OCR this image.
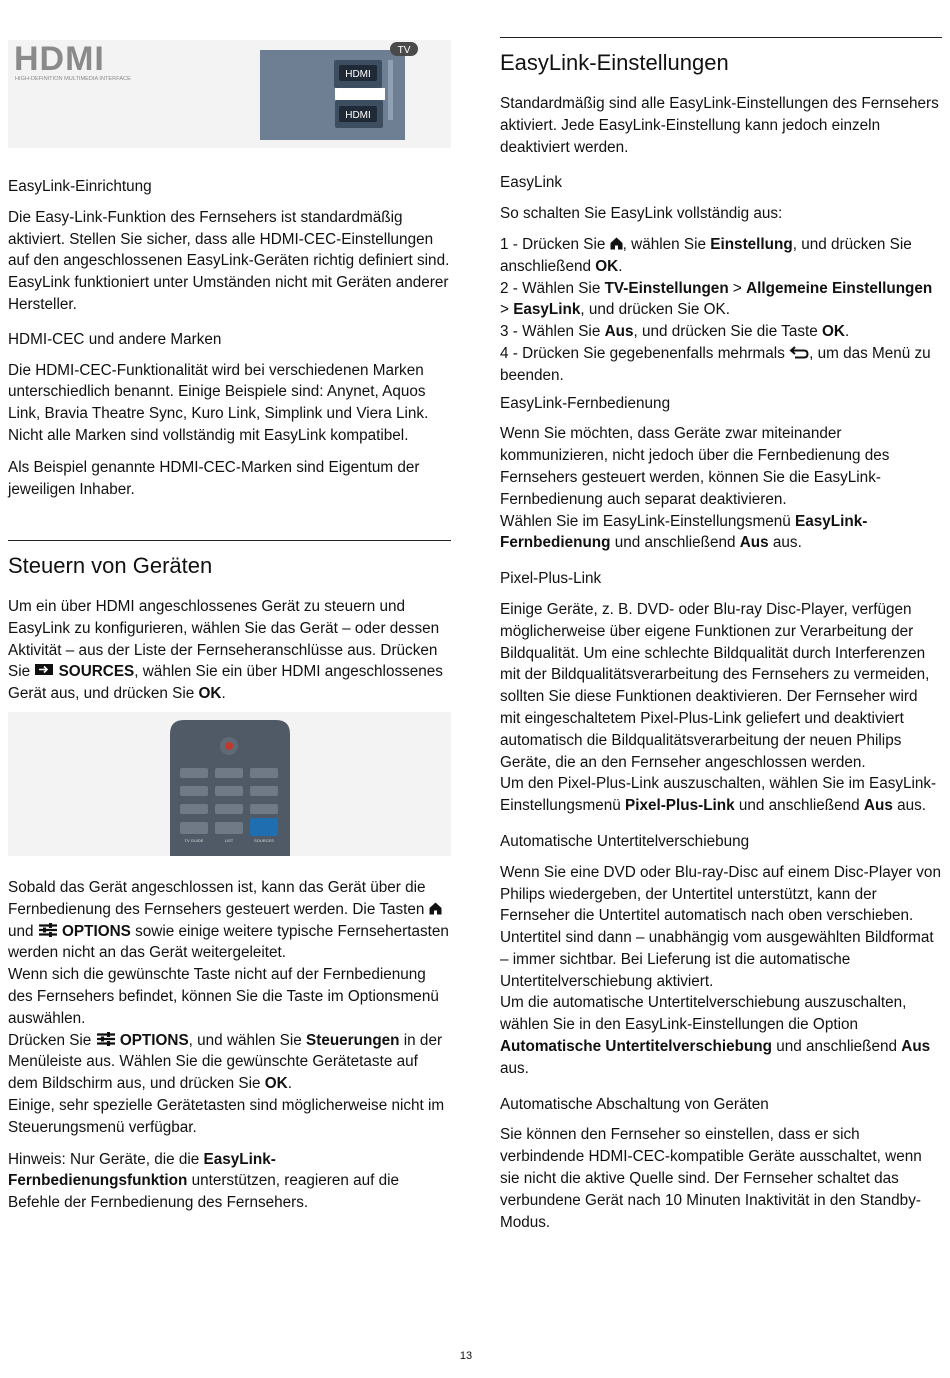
HDMI
HIGH-DEFINITION MULTIMEDIA INTERFACE	HDMI
HDMI
TV

EasyLink-Einrichtung

Die Easy-Link-Funktion des Fernsehers ist standardmäßig aktiviert. Stellen Sie sicher, dass alle HDMI-CEC-Einstellungen auf den angeschlossenen EasyLink-Geräten richtig definiert sind. EasyLink funktioniert unter Umständen nicht mit Geräten anderer Hersteller.

HDMI-CEC und andere Marken

Die HDMI-CEC-Funktionalität wird bei verschiedenen Marken unterschiedlich benannt. Einige Beispiele sind: Anynet, Aquos Link, Bravia Theatre Sync, Kuro Link, Simplink und Viera Link. Nicht alle Marken sind vollständig mit EasyLink kompatibel.

Als Beispiel genannte HDMI-CEC-Marken sind Eigentum der jeweiligen Inhaber.

Steuern von Geräten

Um ein über HDMI angeschlossenes Gerät zu steuern und EasyLink zu konfigurieren, wählen Sie das Gerät – oder dessen Aktivität – aus der Liste der Fernseheranschlüsse aus. Drücken Sie SOURCES, wählen Sie ein über HDMI angeschlossenes Gerät aus, und drücken Sie OK.

TV GUIDE	LIST	SOURCES

Sobald das Gerät angeschlossen ist, kann das Gerät über die Fernbedienung des Fernsehers gesteuert werden. Die Tasten  und OPTIONS sowie einige weitere typische Fernsehertasten werden nicht an das Gerät weitergeleitet.

Wenn sich die gewünschte Taste nicht auf der Fernbedienung des Fernsehers befindet, können Sie die Taste im Optionsmenü auswählen.

Drücken Sie OPTIONS, und wählen Sie Steuerungen in der Menüleiste aus. Wählen Sie die gewünschte Gerätetaste auf dem Bildschirm aus, und drücken Sie OK.

Einige, sehr spezielle Gerätetasten sind möglicherweise nicht im Steuerungsmenü verfügbar.

Hinweis: Nur Geräte, die die EasyLink-Fernbedienungsfunktion unterstützen, reagieren auf die Befehle der Fernbedienung des Fernsehers.

EasyLink-Einstellungen

Standardmäßig sind alle EasyLink-Einstellungen des Fernsehers aktiviert. Jede EasyLink-Einstellung kann jedoch einzeln deaktiviert werden.

EasyLink

So schalten Sie EasyLink vollständig aus:

1 - Drücken Sie , wählen Sie Einstellung, und drücken Sie anschließend OK.

2 - Wählen Sie TV-Einstellungen > Allgemeine Einstellungen > EasyLink, und drücken Sie OK.

3 - Wählen Sie Aus, und drücken Sie die Taste OK.

4 - Drücken Sie gegebenenfalls mehrmals , um das Menü zu beenden.

EasyLink-Fernbedienung

Wenn Sie möchten, dass Geräte zwar miteinander kommunizieren, nicht jedoch über die Fernbedienung des Fernsehers gesteuert werden, können Sie die EasyLink-Fernbedienung auch separat deaktivieren.

Wählen Sie im EasyLink-Einstellungsmenü EasyLink-Fernbedienung und anschließend Aus aus.

Pixel-Plus-Link

Einige Geräte, z. B. DVD- oder Blu-ray Disc-Player, verfügen möglicherweise über eigene Funktionen zur Verarbeitung der Bildqualität. Um eine schlechte Bildqualität durch Interferenzen mit der Bildqualitätsverarbeitung des Fernsehers zu vermeiden, sollten Sie diese Funktionen deaktivieren. Der Fernseher wird mit eingeschaltetem Pixel-Plus-Link geliefert und deaktiviert automatisch die Bildqualitätsverarbeitung der neuen Philips Geräte, die an den Fernseher angeschlossen werden.

Um den Pixel-Plus-Link auszuschalten, wählen Sie im EasyLink-Einstellungsmenü Pixel-Plus-Link und anschließend Aus aus.

Automatische Untertitelverschiebung

Wenn Sie eine DVD oder Blu-ray-Disc auf einem Disc-Player von Philips wiedergeben, der Untertitel unterstützt, kann der Fernseher die Untertitel automatisch nach oben verschieben. Untertitel sind dann – unabhängig vom ausgewählten Bildformat – immer sichtbar. Bei Lieferung ist die automatische Untertitelverschiebung aktiviert.

Um die automatische Untertitelverschiebung auszuschalten, wählen Sie in den EasyLink-Einstellungen die Option Automatische Untertitelverschiebung und anschließend Aus aus.

Automatische Abschaltung von Geräten

Sie können den Fernseher so einstellen, dass er sich verbindende HDMI-CEC-kompatible Geräte ausschaltet, wenn sie nicht die aktive Quelle sind. Der Fernseher schaltet das verbundene Gerät nach 10 Minuten Inaktivität in den Standby-Modus.

13
